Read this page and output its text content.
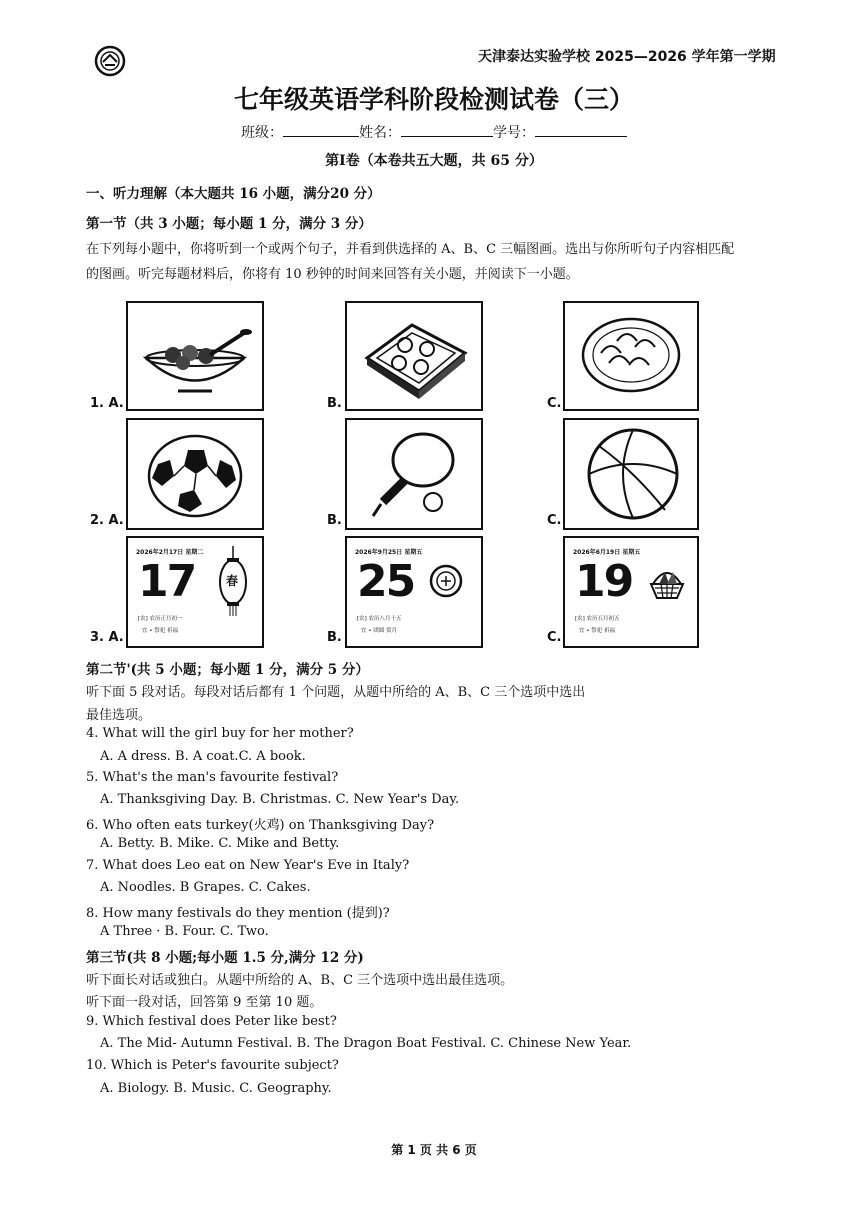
天津泰达实验学校 2025—2026 学年第一学期
七年级英语学科阶段检测试卷（三）
班级：	姓名：	学号：
第Ⅰ卷（本卷共五大题，共 65 分）
一、听力理解（本大题共 16 小题，满分20 分）
第一节（共 3 小题；每小题 1 分，满分 3 分）
在下列每小题中，你将听到一个或两个句子，并看到供选择的 A、B、C 三幅图画。选出与你所听句子内容相匹配
的图画。听完每题材料后，你将有 10 秒钟的时间来回答有关小题，并阅读下一小题。
1. A.	B.	C.
2. A.	B.	C.
3. A.
2026年2月17日 星期二
17
[农] 农历正月初一
宜 • 祭祀 祈福
春
B.
2026年9月25日 星期五
25
[农] 农历八月十五
宜 • 团圆 赏月	C.
2026年6月19日 星期五
19
[农] 农历五月初五
宜 • 祭祀 祈福
第二节'(共 5 小题；每小题 1 分，满分 5 分）
听下面 5 段对话。每段对话后都有 1 个问题，从题中所给的 A、B、C 三个选项中选出
最佳选项。
4. What will the girl buy for her mother?
A. A dress. B. A coat.C. A book.
5. What's the man's favourite festival?
A. Thanksgiving Day. B. Christmas. C. New Year's Day.
6. Who often eats turkey(火鸡) on Thanksgiving Day?
A. Betty. B. Mike. C. Mike and Betty.
7. What does Leo eat on New Year's Eve in Italy?
A. Noodles. B Grapes. C. Cakes.
8. How many festivals do they mention (提到)?
A Three · B. Four. C. Two.
第三节(共 8 小题;每小题 1.5 分,满分 12 分)
听下面长对话或独白。从题中所给的 A、B、C 三个选项中选出最佳选项。
听下面一段对话，回答第 9 至第 10 题。
9. Which festival does Peter like best?
A. The Mid- Autumn Festival. B. The Dragon Boat Festival. C. Chinese New Year.
10. Which is Peter's favourite subject?
A. Biology. B. Music. C. Geography.
第 1 页 共 6 页
